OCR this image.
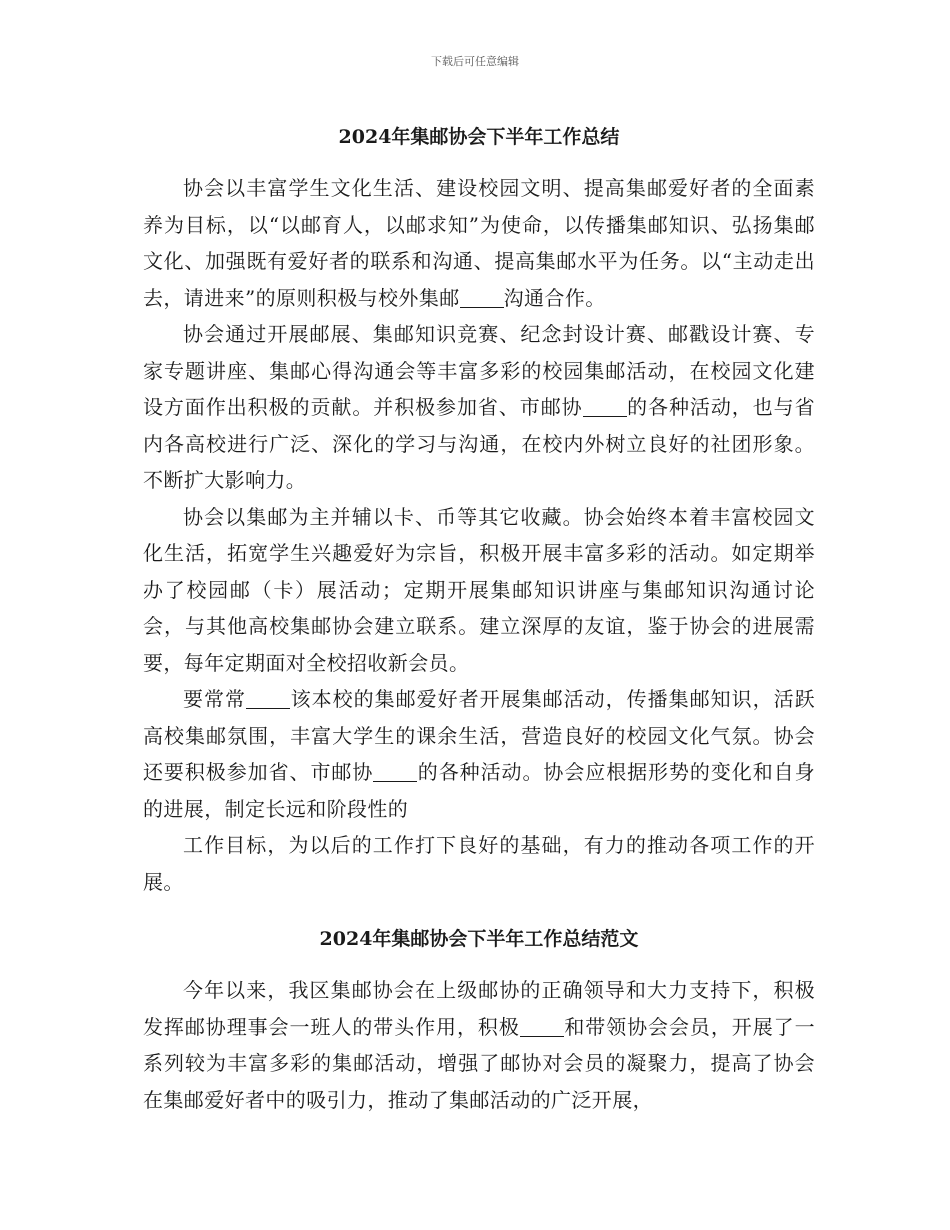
下载后可任意编辑
2024年集邮协会下半年工作总结

协会以丰富学生文化生活、建设校园文明、提高集邮爱好者的全面素养为目标，以“以邮育人，以邮求知”为使命，以传播集邮知识、弘扬集邮文化、加强既有爱好者的联系和沟通、提高集邮水平为任务。以“主动走出去，请进来”的原则积极与校外集邮 沟通合作。

协会通过开展邮展、集邮知识竞赛、纪念封设计赛、邮戳设计赛、专家专题讲座、集邮心得沟通会等丰富多彩的校园集邮活动，在校园文化建设方面作出积极的贡献。并积极参加省、市邮协 的各种活动，也与省内各高校进行广泛、深化的学习与沟通，在校内外树立良好的社团形象。不断扩大影响力。

协会以集邮为主并辅以卡、币等其它收藏。协会始终本着丰富校园文化生活，拓宽学生兴趣爱好为宗旨，积极开展丰富多彩的活动。如定期举办了校园邮（卡）展活动；定期开展集邮知识讲座与集邮知识沟通讨论会，与其他高校集邮协会建立联系。建立深厚的友谊，鉴于协会的进展需要，每年定期面对全校招收新会员。

要常常 该本校的集邮爱好者开展集邮活动，传播集邮知识，活跃高校集邮氛围，丰富大学生的课余生活，营造良好的校园文化气氛。协会还要积极参加省、市邮协 的各种活动。协会应根据形势的变化和自身的进展，制定长远和阶段性的

工作目标，为以后的工作打下良好的基础，有力的推动各项工作的开展。

2024年集邮协会下半年工作总结范文

今年以来，我区集邮协会在上级邮协的正确领导和大力支持下，积极发挥邮协理事会一班人的带头作用，积极 和带领协会会员，开展了一系列较为丰富多彩的集邮活动，增强了邮协对会员的凝聚力，提高了协会在集邮爱好者中的吸引力，推动了集邮活动的广泛开展，
